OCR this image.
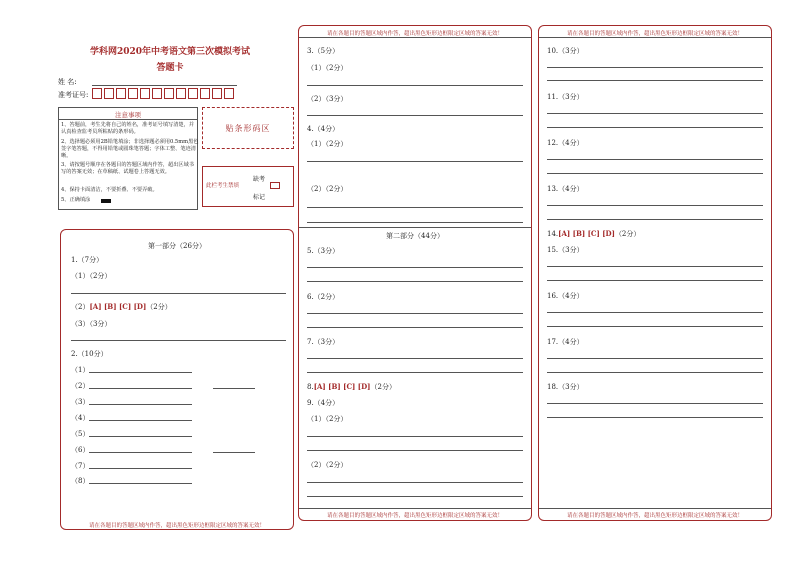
学科网2020年中考语文第三次模拟考试
答题卡
姓 名:
准考证号:
注意事项
1、答题前，考生先将自己的姓名，准考证号填写清楚，并认真检查监考员所粘贴的条形码。
2、选择题必须用2B铅笔填涂；非选择题必须用0.5mm黑色签字笔答题，不得用铅笔或圆珠笔答题；字体工整、笔迹清晰。
3、请按题号顺序在各题目的答题区域内作答，超出区域书写的答案无效；在草稿纸、试题卷上答题无效。
4、保持卡面清洁，不要折叠、不要弄破。
5、正确填涂
贴条形码区
此栏考生禁填
缺考
标记
第一部分（26分）
1.（7分）
（1）（2分）
（2）[A] [B] [C] [D]（2分）
（3）（3分）
2.（10分）
（1）
（2）
（3）
（4）
（5）
（6）
（7）
（8）
请在各题目的答题区域内作答，超出黑色矩形边框限定区域的答案无效！
请在各题目的答题区域内作答，超出黑色矩形边框限定区域的答案无效！
3.（5分）
（1）（2分）
（2）（3分）
4.（4分）
（1）（2分）
（2）（2分）
第二部分（44分）
5.（3分）
6.（2分）
7.（3分）
8.[A] [B] [C] [D]（2分）
9.（4分）
（1）（2分）
（2）（2分）
请在各题目的答题区域内作答，超出黑色矩形边框限定区域的答案无效！
请在各题目的答题区域内作答，超出黑色矩形边框限定区域的答案无效！
10.（3分）
11.（3分）
12.（4分）
13.（4分）
14.[A] [B] [C] [D]（2分）
15.（3分）
16.（4分）
17.（4分）
18.（3分）
请在各题目的答题区域内作答，超出黑色矩形边框限定区域的答案无效！
